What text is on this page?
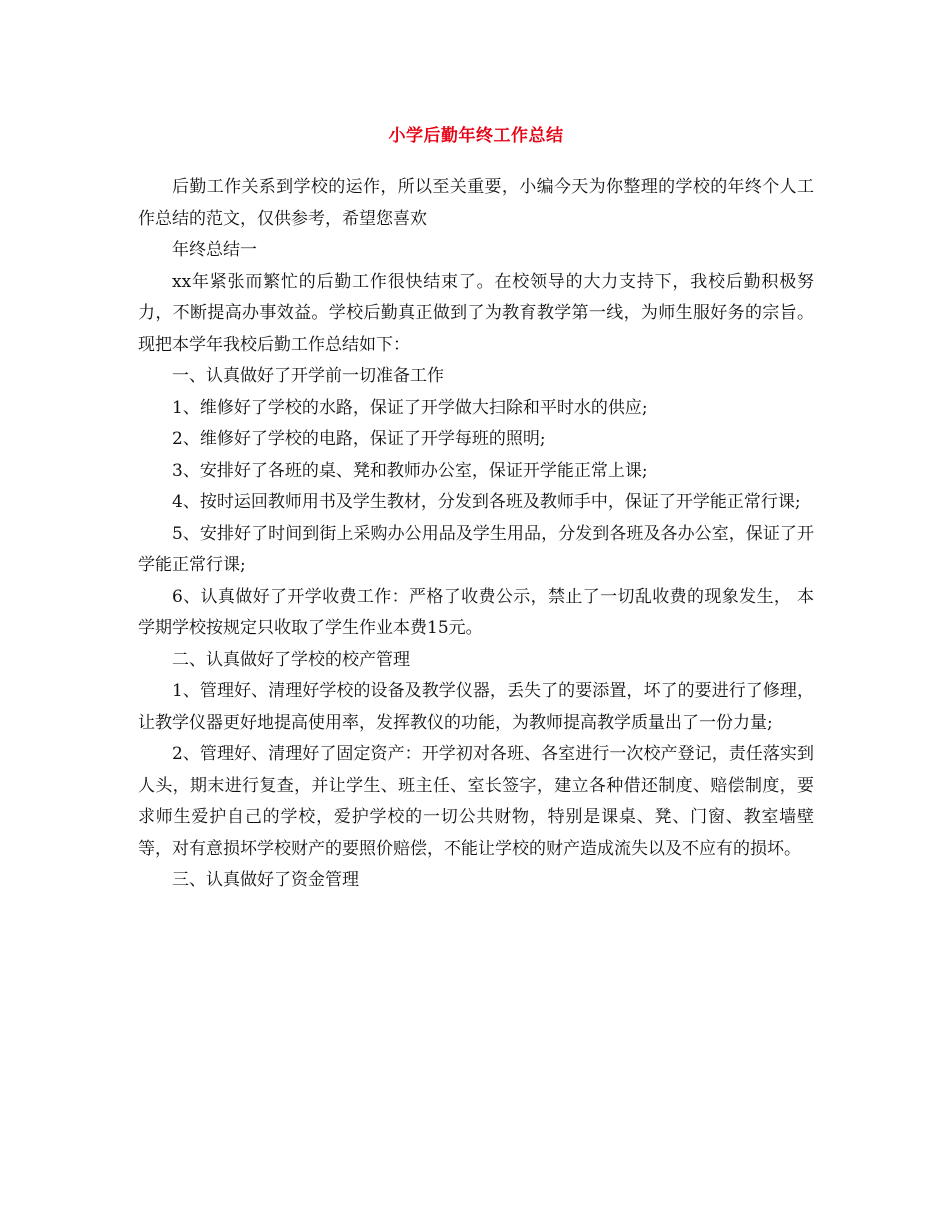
小学后勤年终工作总结

后勤工作关系到学校的运作，所以至关重要，小编今天为你整理的学校的年终个人工作总结的范文，仅供参考，希望您喜欢

年终总结一

xx年紧张而繁忙的后勤工作很快结束了。在校领导的大力支持下，我校后勤积极努力，不断提高办事效益。学校后勤真正做到了为教育教学第一线，为师生服好务的宗旨。现把本学年我校后勤工作总结如下：

一、认真做好了开学前一切准备工作

1、维修好了学校的水路，保证了开学做大扫除和平时水的供应;

2、维修好了学校的电路，保证了开学每班的照明;

3、安排好了各班的桌、凳和教师办公室，保证开学能正常上课;

4、按时运回教师用书及学生教材，分发到各班及教师手中，保证了开学能正常行课;

5、安排好了时间到街上采购办公用品及学生用品，分发到各班及各办公室，保证了开学能正常行课;

6、认真做好了开学收费工作：严格了收费公示，禁止了一切乱收费的现象发生， 本学期学校按规定只收取了学生作业本费15元。

二、认真做好了学校的校产管理

1、管理好、清理好学校的设备及教学仪器，丢失了的要添置，坏了的要进行了修理，让教学仪器更好地提高使用率，发挥教仪的功能，为教师提高教学质量出了一份力量;

2、管理好、清理好了固定资产：开学初对各班、各室进行一次校产登记，责任落实到人头，期末进行复查，并让学生、班主任、室长签字，建立各种借还制度、赔偿制度，要求师生爱护自己的学校，爱护学校的一切公共财物，特别是课桌、凳、门窗、教室墙壁等，对有意损坏学校财产的要照价赔偿，不能让学校的财产造成流失以及不应有的损坏。

三、认真做好了资金管理
